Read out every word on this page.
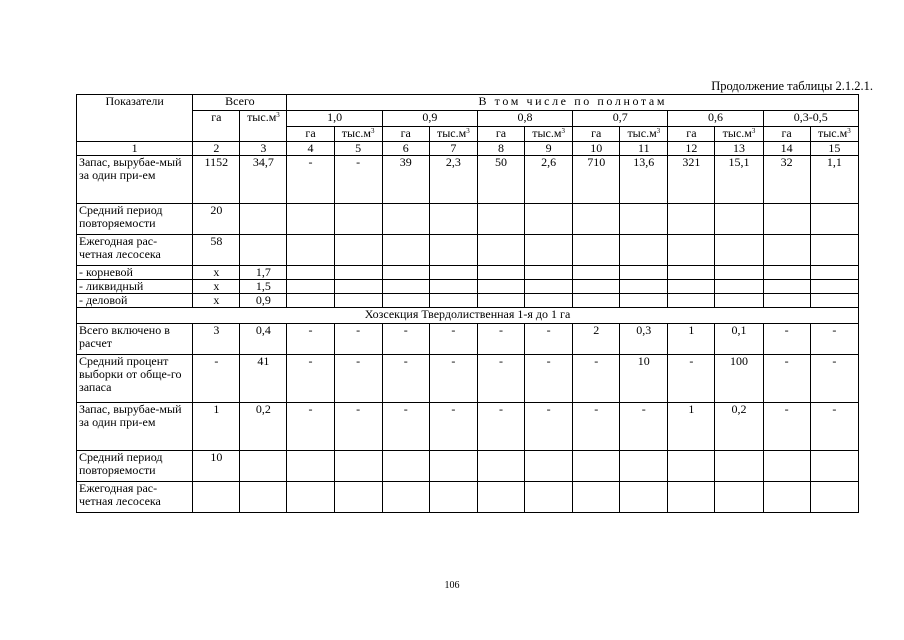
Продолжение таблицы 2.1.2.1.
Показатели	Всего		В том числе по полнотам											
	га	$тыс.м^3$	1,0		0,9		0,8		0,7		0,6		0,3-0,5	
			га	$тыс.м^3$	га	$тыс.м^3$	га	$тыс.м^3$	га	$тыс.м^3$	га	$тыс.м^3$	га	$тыс.м^3$
1	2	3	4	5	6	7	8	9	10	11	12	13	14	15
Запас, вырубае-мый за один при-ем	1152	34,7	-	-	39	2,3	50	2,6	710	13,6	321	15,1	32	1,1
Средний период повторяемости	20													
Ежегодная рас-четная лесосека	58													
- корневой	х	1,7												
- ликвидный	х	1,5												
- деловой	х	0,9												
Хозсекция Твердолиственная 1-я до 1 га														
Всего включено в расчет	3	0,4	-	-	-	-	-	-	2	0,3	1	0,1	-	-
Средний процент выборки от обще-го запаса	-	41	-	-	-	-	-	-	-	10	-	100	-	-
Запас, вырубае-мый за один при-ем	1	0,2	-	-	-	-	-	-	-	-	1	0,2	-	-
Средний период повторяемости	10													
Ежегодная рас-четная лесосека														
106
